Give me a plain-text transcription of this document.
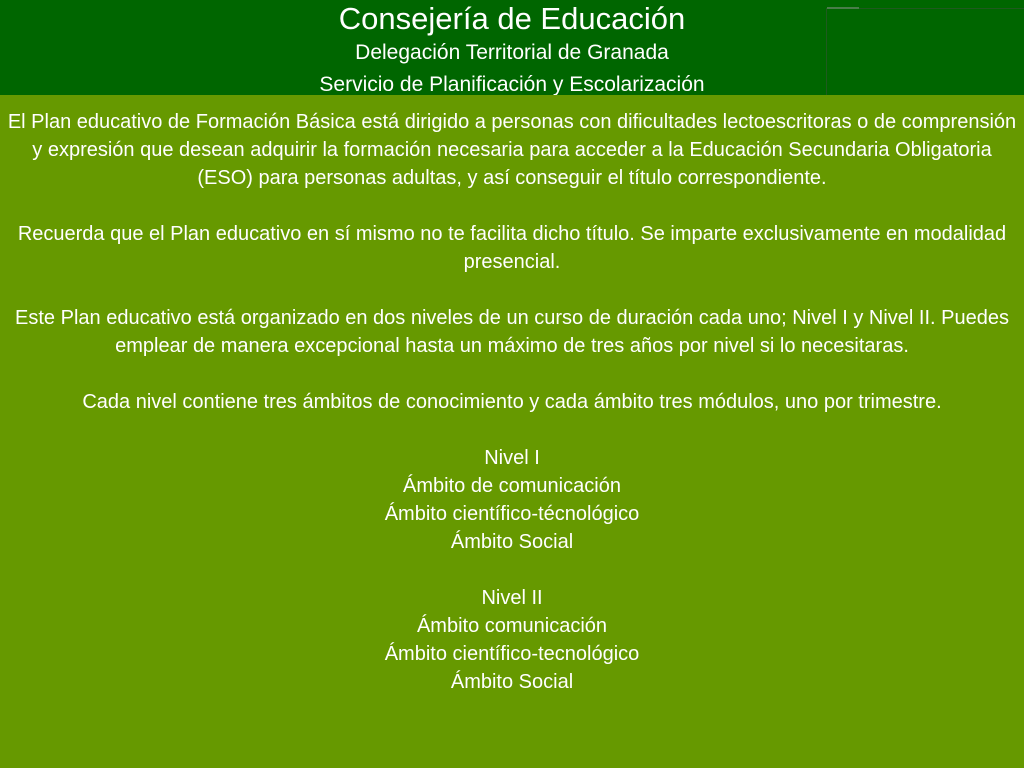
Consejería de Educación
Delegación Territorial de Granada
Servicio de Planificación y Escolarización

El Plan educativo de Formación Básica está dirigido a personas con dificultades lectoescritoras o de comprensión y expresión que desean adquirir la formación necesaria para acceder a la Educación Secundaria Obligatoria (ESO) para personas adultas, y así conseguir el título correspondiente.

Recuerda que el Plan educativo en sí mismo no te facilita dicho título. Se imparte exclusivamente en modalidad presencial.

Este Plan educativo está organizado en dos niveles de un curso de duración cada uno; Nivel I y Nivel II. Puedes emplear de manera excepcional hasta un máximo de tres años por nivel si lo necesitaras.

Cada nivel contiene tres ámbitos de conocimiento y cada ámbito tres módulos, uno por trimestre.

Nivel I

Ámbito de comunicación

Ámbito científico-técnológico

Ámbito Social

Nivel II

Ámbito comunicación

Ámbito científico-tecnológico

Ámbito Social
